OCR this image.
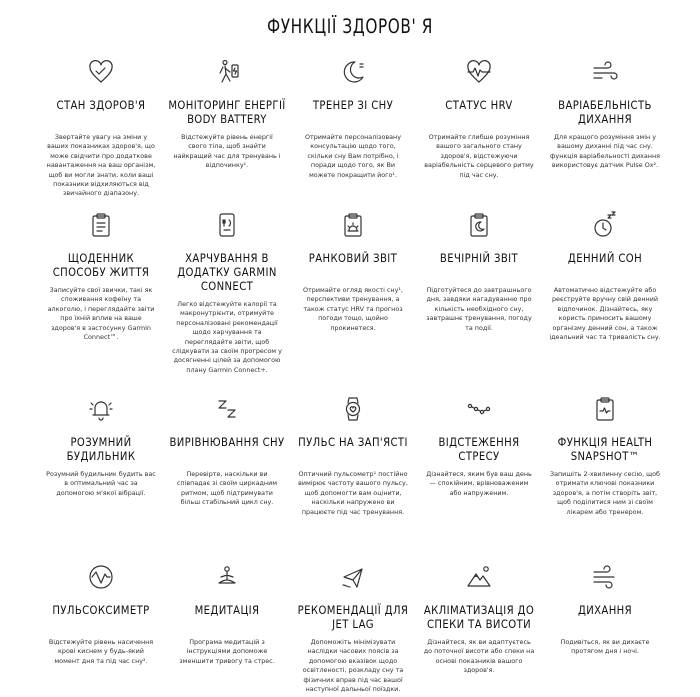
ФУНКЦІЇ ЗДОРОВ' Я
СТАН ЗДОРОВ'Я
Звертайте увагу на зміни у ваших показниках здоров'я, що може свідчити про додаткове навантаження на ваш організм, щоб ви могли знати, коли ваші показники відхиляються від звичайного діапазону.
МОНІТОРИНГ ЕНЕРГІЇ BODY BATTERY
Відстежуйте рівень енергії свого тіла, щоб знайти найкращий час для тренувань і відпочинку¹.
ТРЕНЕР ЗІ СНУ
Отримайте персоналізовану консультацію щодо того, скільки сну Вам потрібно, і поради щодо того, як Ви можете покращити його¹.
СТАТУС HRV
Отримайте глибше розуміння вашого загального стану здоров'я, відстежуючи варіабельність серцевого ритму під час сну.
ВАРІАБЕЛЬНІСТЬ ДИХАННЯ
Для кращого розуміння змін у вашому диханні під час сну. функція варіабельності дихання використовує датчик Pulse Ox².
ЩОДЕННИК СПОСОБУ ЖИТТЯ
Записуйте свої звички, такі як споживання кофеїну та алкоголю, і переглядайте звіти про їхній вплив на ваше здоров'я в застосунку Garmin Connect™.
ХАРЧУВАННЯ В ДОДАТКУ GARMIN CONNECT
Легко відстежуйте калорії та макронутрієнти, отримуйте персоналізовані рекомендації щодо харчування та переглядайте звіти, щоб слідкувати за своїм прогресом у досягненні цілей за допомогою плану Garmin Connect+.
РАНКОВИЙ ЗВІТ
Отримайте огляд якості сну¹, перспективи тренування, а також статус HRV та прогноз погоди тощо, щойно прокинетеся.
ВЕЧІРНІЙ ЗВІТ
Підготуйтеся до завтрашнього дня, завдяки нагадуванню про кількість необхідного сну, завтрашнє тренування, погоду та події.
ДЕННИЙ СОН
Автоматично відстежуйте або реєструйте вручну свій денний відпочинок. Дізнайтесь, яку користь приносить вашому організму денний сон, а також ідеальний час та тривалість сну.
РОЗУМНИЙ БУДИЛЬНИК
Розумний будильник будить вас в оптимальний час за допомогою м'якої вібрації.
ВИРІВНЮВАННЯ СНУ
Перевірте, наскільки ви співпадає зі своїм циркадним ритмом, щоб підтримувати більш стабільний цикл сну.
ПУЛЬС НА ЗАП'ЯСТІ
Оптичний пульсометр¹ постійно вимірює частоту вашого пульсу, щоб допомогти вам оцінити, наскільки напружено ви працюєте під час тренування.
ВІДСТЕЖЕННЯ СТРЕСУ
Дізнайтеся, яким був ваш день — спокійним, врівноваженим або напруженим.
ФУНКЦІЯ HEALTH SNAPSHOT™
Запишіть 2-хвилинну сесію, щоб отримати ключові показники здоров'я, а потім створіть звіт, щоб поділитися ним зі своїм лікарем або тренером.
ПУЛЬСОКСИМЕТР
Відстежуйте рівень насичення крові киснем у будь-який момент дня та під час сну².
МЕДИТАЦІЯ
Програма медитацій з інструкціями допоможе зменшити тривогу та стрес.
РЕКОМЕНДАЦІЇ ДЛЯ JET LAG
Допоможіть мінімізувати наслідки часових поясів за допомогою вказівок щодо освітленості, розкладу сну та фізичних вправ під час вашої наступної дальньої поїздки.
АКЛІМАТИЗАЦІЯ ДО СПЕКИ ТА ВИСОТИ
Дізнайтеся, як ви адаптуєтесь до поточної висоти або спеки на основі показників вашого здоров'я.
ДИХАННЯ
Подивіться, як ви дихаєте протягом дня і ночі.
